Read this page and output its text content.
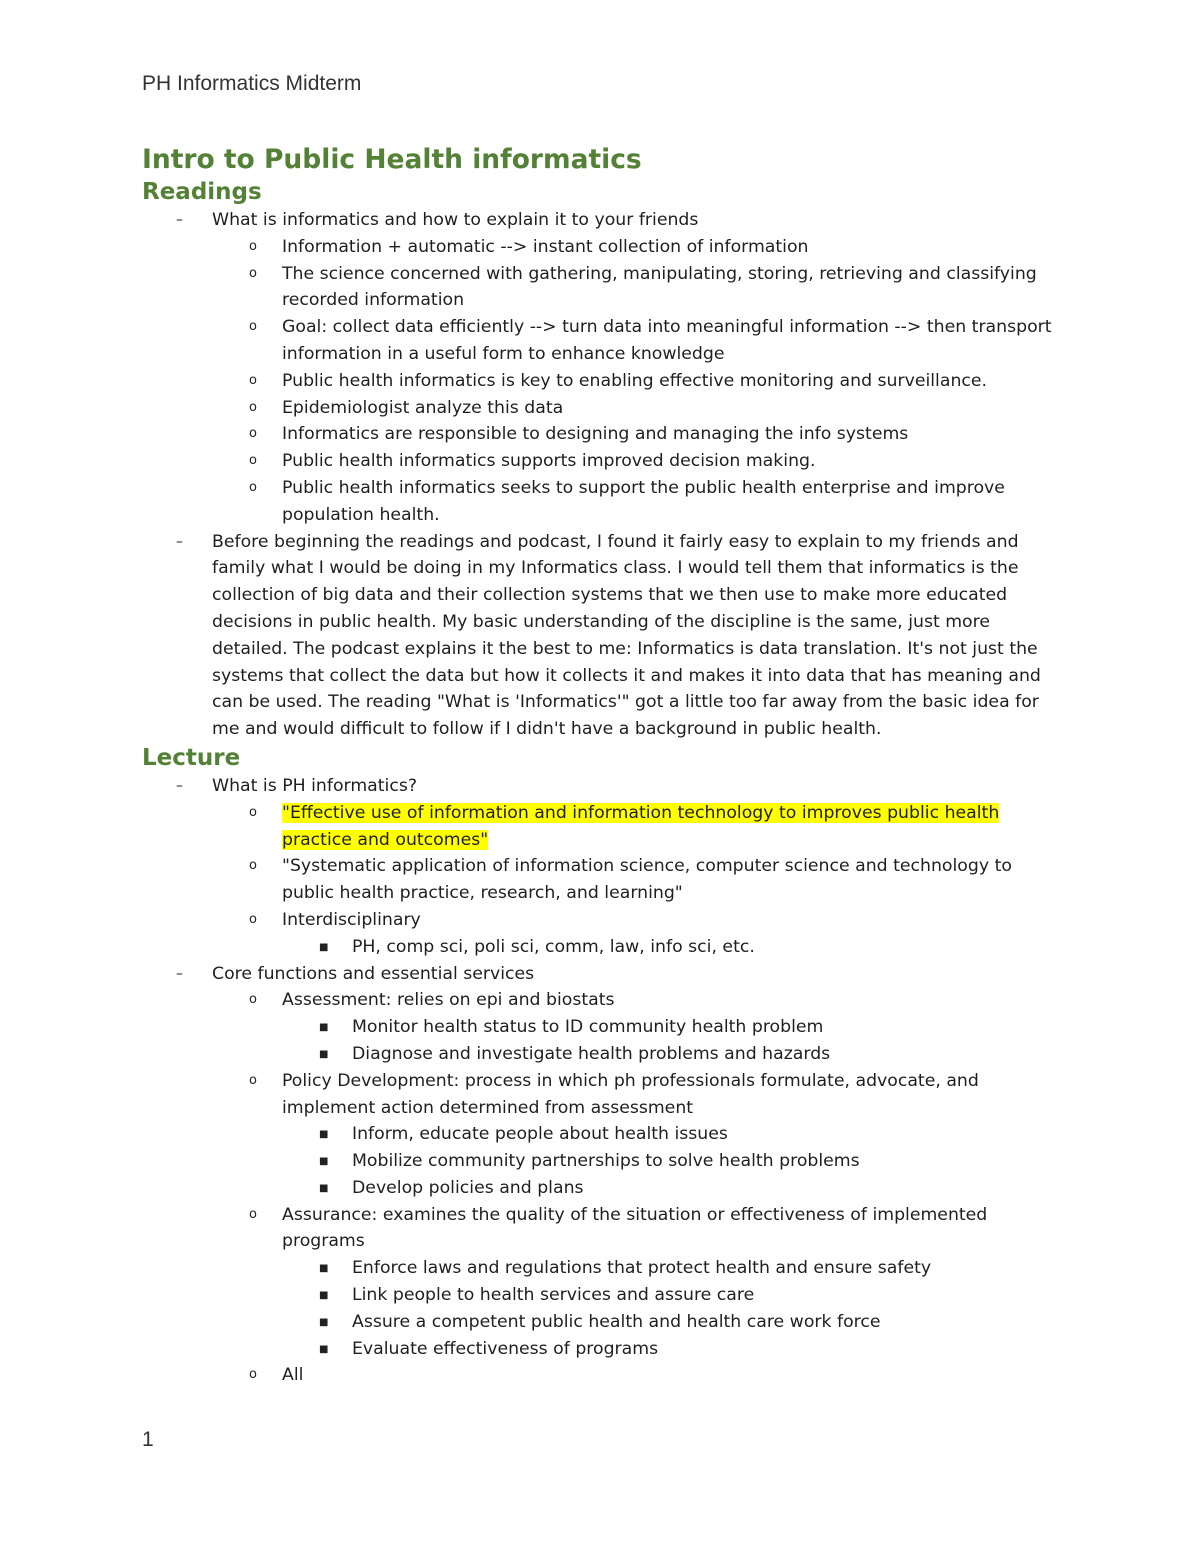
PH Informatics Midterm
Intro to Public Health informatics
Readings
– What is informatics and how to explain it to your friends
o Information + automatic --> instant collection of information
o The science concerned with gathering, manipulating, storing, retrieving and classifying recorded information
o Goal: collect data efficiently --> turn data into meaningful information --> then transport information in a useful form to enhance knowledge
o Public health informatics is key to enabling effective monitoring and surveillance.
o Epidemiologist analyze this data
o Informatics are responsible to designing and managing the info systems
o Public health informatics supports improved decision making.
o Public health informatics seeks to support the public health enterprise and improve population health.
– Before beginning the readings and podcast, I found it fairly easy to explain to my friends and family what I would be doing in my Informatics class. I would tell them that informatics is the collection of big data and their collection systems that we then use to make more educated decisions in public health. My basic understanding of the discipline is the same, just more detailed. The podcast explains it the best to me: Informatics is data translation. It's not just the systems that collect the data but how it collects it and makes it into data that has meaning and can be used. The reading "What is 'Informatics'" got a little too far away from the basic idea for me and would difficult to follow if I didn't have a background in public health.
Lecture
– What is PH informatics?
o "Effective use of information and information technology to improves public health practice and outcomes"
o "Systematic application of information science, computer science and technology to public health practice, research, and learning"
o Interdisciplinary
■ PH, comp sci, poli sci, comm, law, info sci, etc.
– Core functions and essential services
o Assessment: relies on epi and biostats
■ Monitor health status to ID community health problem
■ Diagnose and investigate health problems and hazards
o Policy Development: process in which ph professionals formulate, advocate, and implement action determined from assessment
■ Inform, educate people about health issues
■ Mobilize community partnerships to solve health problems
■ Develop policies and plans
o Assurance: examines the quality of the situation or effectiveness of implemented programs
■ Enforce laws and regulations that protect health and ensure safety
■ Link people to health services and assure care
■ Assure a competent public health and health care work force
■ Evaluate effectiveness of programs
o All
1
